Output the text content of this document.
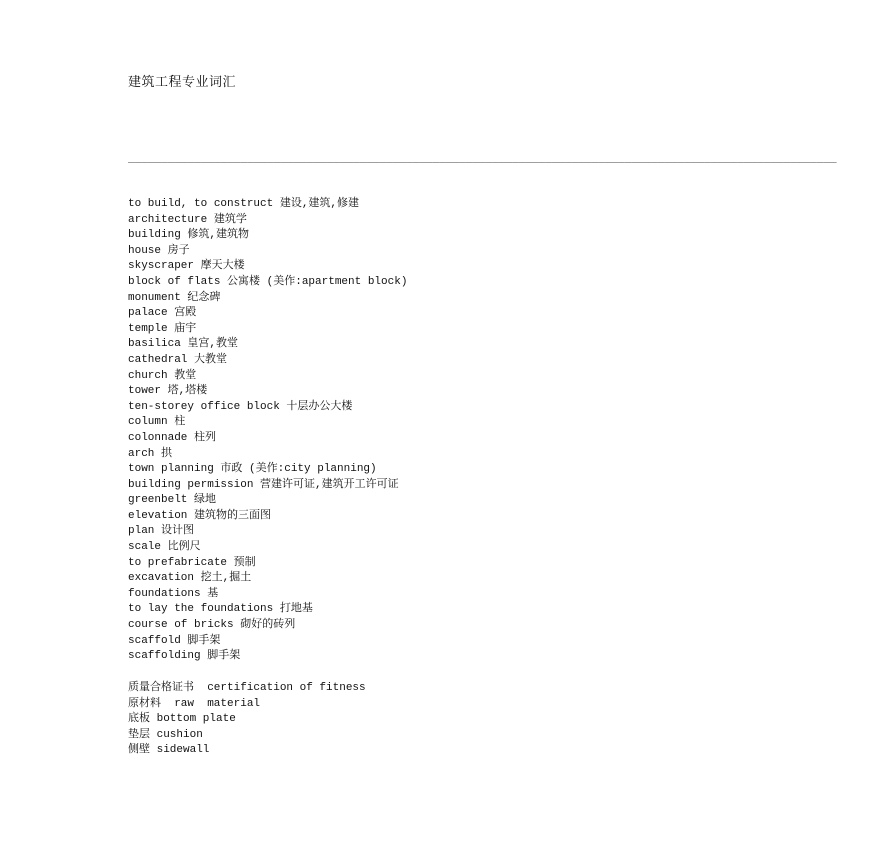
建筑工程专业词汇
___________________________________________________________________________________________________________
to build, to construct 建设,建筑,修建
architecture 建筑学
building 修筑,建筑物
house 房子
skyscraper 摩天大楼
block of flats 公寓楼 (美作:apartment block)
monument 纪念碑
palace 宫殿
temple 庙宇
basilica 皇宫,教堂
cathedral 大教堂
church 教堂
tower 塔,塔楼
ten-storey office block 十层办公大楼
column 柱
colonnade 柱列
arch 拱
town planning 市政 (美作:city planning)
building permission 营建许可证,建筑开工许可证
greenbelt 绿地
elevation 建筑物的三面图
plan 设计图
scale 比例尺
to prefabricate 预制
excavation 挖土,掘土
foundations 基
to lay the foundations 打地基
course of bricks 砌好的砖列
scaffold 脚手架
scaffolding 脚手架
质量合格证书  certification of fitness
原材料  raw  material
底板 bottom plate
垫层 cushion
侧壁 sidewall
